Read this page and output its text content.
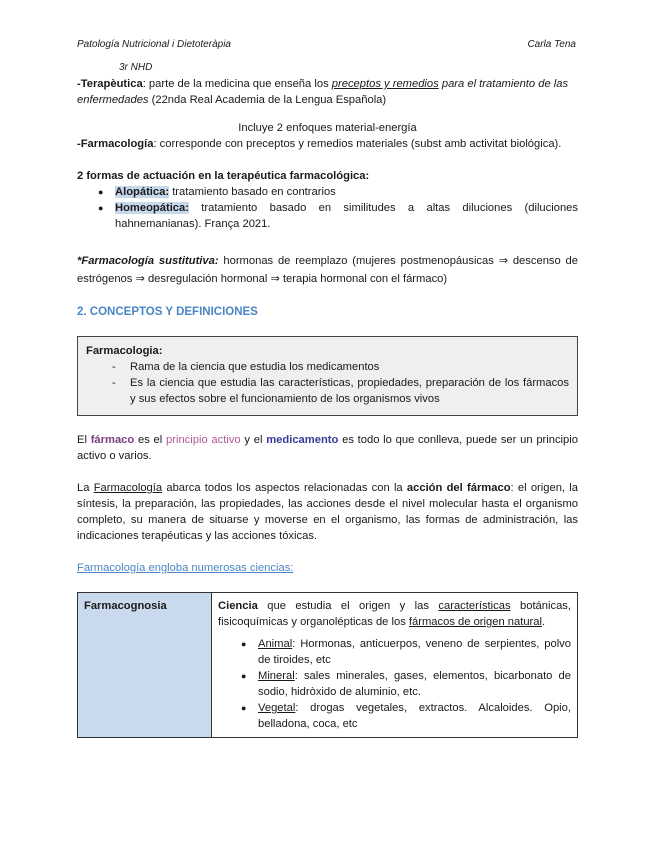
Patología Nutricional i Dietoteràpia	Carla Tena

3r NHD

-Terapèutica: parte de la medicina que enseña los preceptos y remedios para el tratamiento de las enfermedades (22nda Real Academia de la Lengua Española)

Incluye 2 enfoques material-energía

-Farmacología: corresponde con preceptos y remedios materiales (subst amb activitat biológica).

2 formas de actuación en la terapéutica farmacológica:

● Alopática: tratamiento basado en contrarios
● Homeopática: tratamiento basado en similitudes a altas diluciones (diluciones hahnemanianas). França 2021.

*Farmacología sustitutiva: hormonas de reemplazo (mujeres postmenopáusicas ⇒ descenso de estrógenos ⇒ desregulación hormonal ⇒ terapia hormonal con el fármaco)

2. CONCEPTOS Y DEFINICIONES

Farmacologia:

- Rama de la ciencia que estudia los medicamentos
- Es la ciencia que estudia las características, propiedades, preparación de los fármacos y sus efectos sobre el funcionamiento de los organismos vivos

El fármaco es el principio activo y el medicamento es todo lo que conlleva, puede ser un principio activo o varios.

La Farmacología abarca todos los aspectos relacionadas con la acción del fármaco: el origen, la síntesis, la preparación, las propiedades, las acciones desde el nivel molecular hasta el organismo completo, su manera de situarse y moverse en el organismo, las formas de administración, las indicaciones terapéuticas y las acciones tóxicas.

Farmacología engloba numerosas ciencias:

Farmacognosia	Ciencia que estudia el origen y las características botánicas, fisicoquímicas y organolépticas de los fármacos de origen natural.
● Animal: Hormonas, anticuerpos, veneno de serpientes, polvo de tiroides, etc
● Mineral: sales minerales, gases, elementos, bicarbonato de sodio, hidròxido de aluminio, etc.
● Vegetal: drogas vegetales, extractos. Alcaloides. Opio, belladona, coca, etc
